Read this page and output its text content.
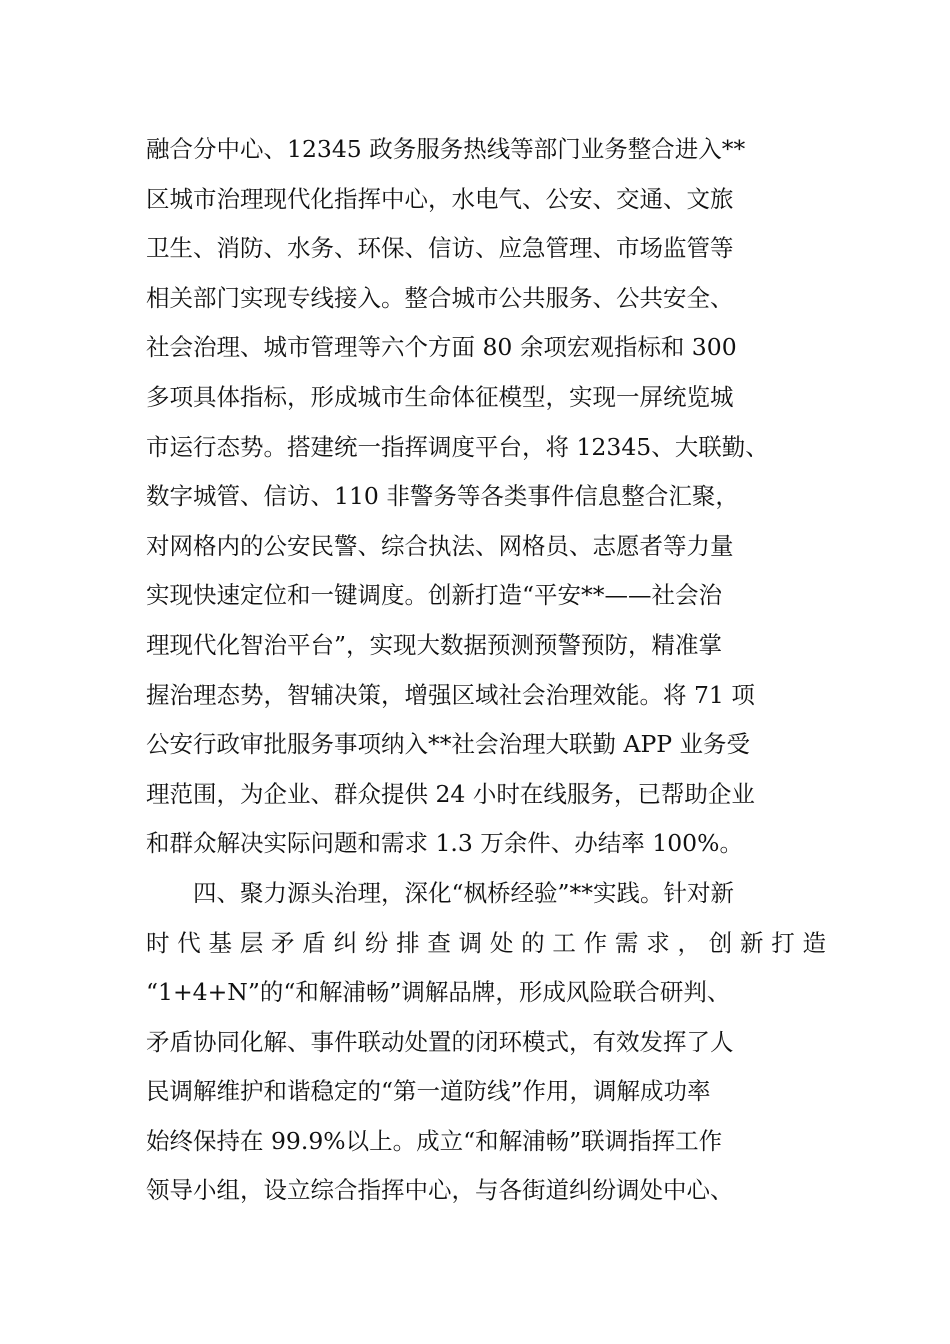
融合分中心、12345 政务服务热线等部门业务整合进入**
区城市治理现代化指挥中心，水电气、公安、交通、文旅
卫生、消防、水务、环保、信访、应急管理、市场监管等
相关部门实现专线接入。整合城市公共服务、公共安全、
社会治理、城市管理等六个方面 80 余项宏观指标和 300
多项具体指标，形成城市生命体征模型，实现一屏统览城
市运行态势。搭建统一指挥调度平台，将 12345、大联勤、
数字城管、信访、110 非警务等各类事件信息整合汇聚，
对网格内的公安民警、综合执法、网格员、志愿者等力量
实现快速定位和一键调度。创新打造“平安**——社会治
理现代化智治平台”，实现大数据预测预警预防，精准掌
握治理态势，智辅决策，增强区域社会治理效能。将 71 项
公安行政审批服务事项纳入**社会治理大联勤 APP 业务受
理范围，为企业、群众提供 24 小时在线服务，已帮助企业
和群众解决实际问题和需求 1.3 万余件、办结率 100%。
四、聚力源头治理，深化“枫桥经验”**实践。针对新
时代基层矛盾纠纷排查调处的工作需求，创新打造
“1+4+N”的“和解浦畅”调解品牌，形成风险联合研判、
矛盾协同化解、事件联动处置的闭环模式，有效发挥了人
民调解维护和谐稳定的“第一道防线”作用，调解成功率
始终保持在 99.9%以上。成立“和解浦畅”联调指挥工作
领导小组，设立综合指挥中心，与各街道纠纷调处中心、
